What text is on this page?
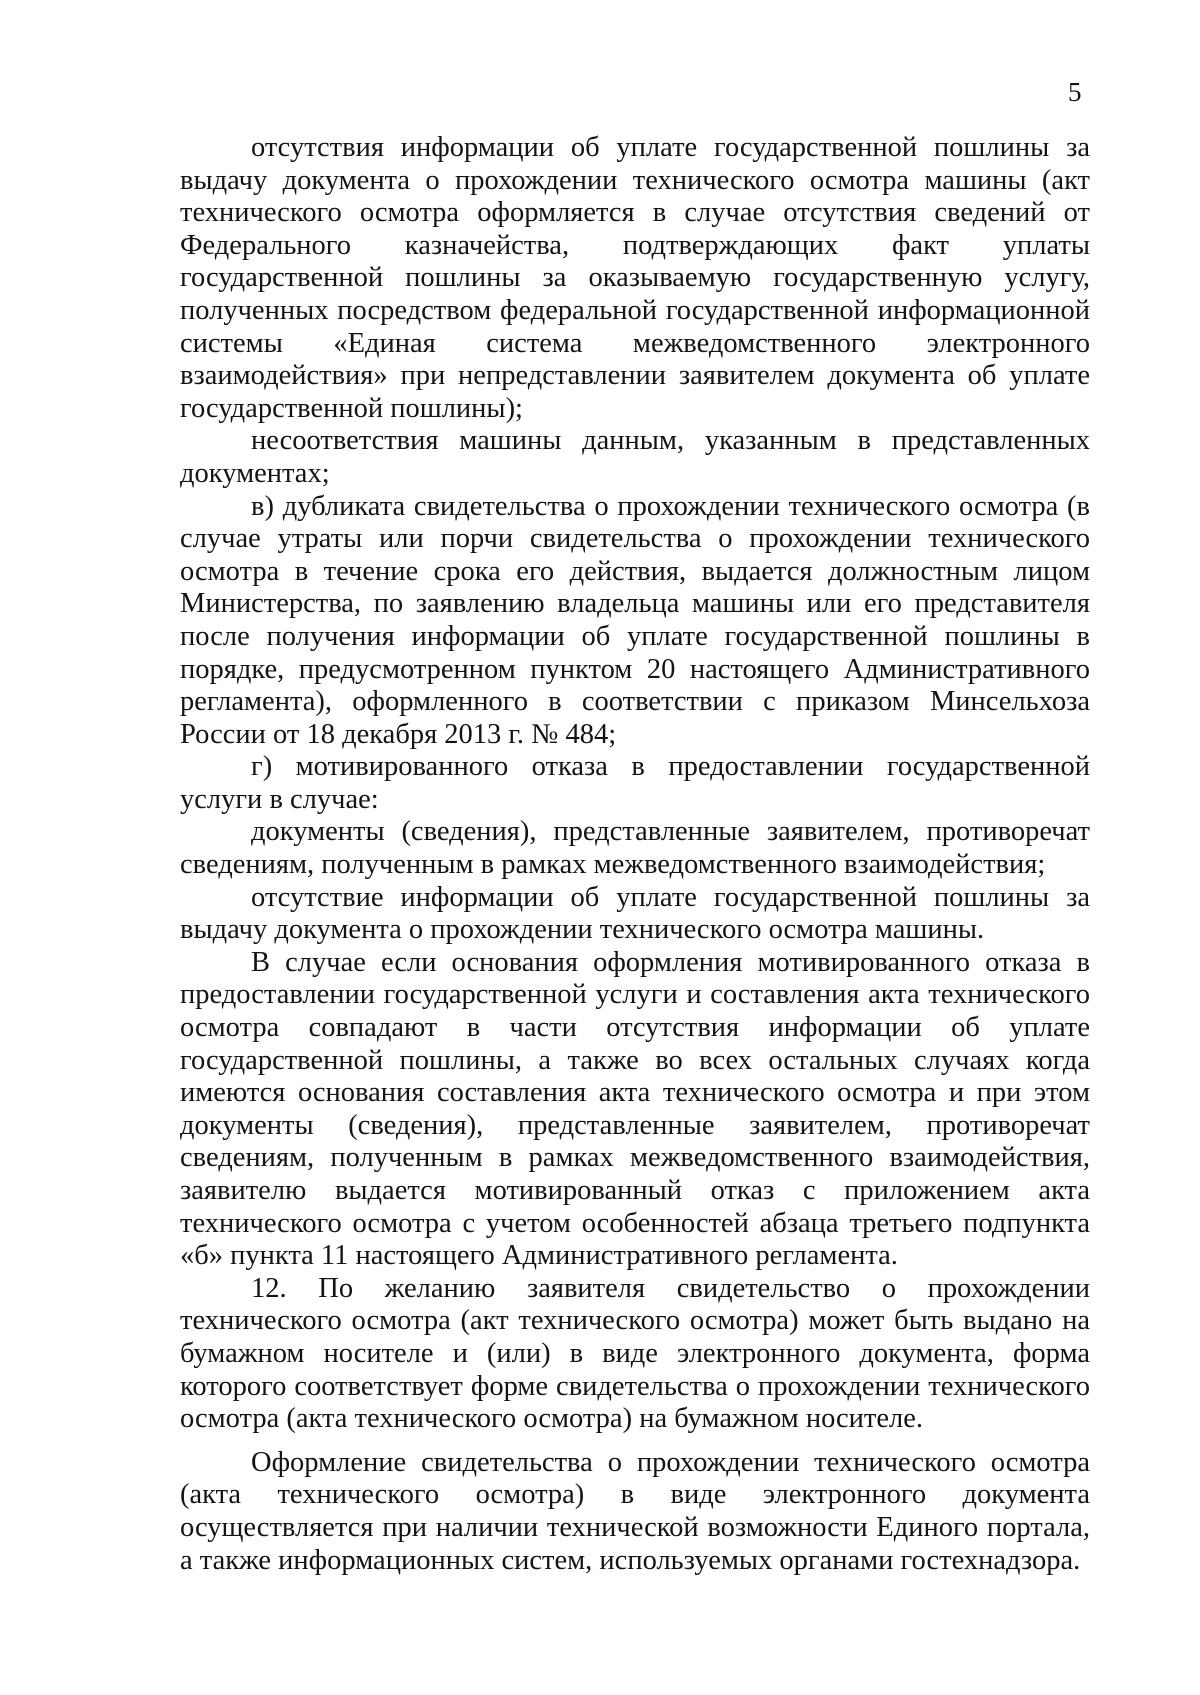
5

отсутствия информации об уплате государственной пошлины за выдачу документа о прохождении технического осмотра машины (акт технического осмотра оформляется в случае отсутствия сведений от Федерального казначейства, подтверждающих факт уплаты государственной пошлины за оказываемую государственную услугу, полученных посредством федеральной государственной информационной системы «Единая система межведомственного электронного взаимодействия» при непредставлении заявителем документа об уплате государственной пошлины);

несоответствия машины данным, указанным в представленных документах;

в) дубликата свидетельства о прохождении технического осмотра (в случае утраты или порчи свидетельства о прохождении технического осмотра в течение срока его действия, выдается должностным лицом Министерства, по заявлению владельца машины или его представителя после получения информации об уплате государственной пошлины в порядке, предусмотренном пунктом 20 настоящего Административного регламента), оформленного в соответствии с приказом Минсельхоза России от 18 декабря 2013 г. № 484;

г) мотивированного отказа в предоставлении государственной услуги в случае:

документы (сведения), представленные заявителем, противоречат сведениям, полученным в рамках межведомственного взаимодействия;

отсутствие информации об уплате государственной пошлины за выдачу документа о прохождении технического осмотра машины.

В случае если основания оформления мотивированного отказа в предоставлении государственной услуги и составления акта технического осмотра совпадают в части отсутствия информации об уплате государственной пошлины, а также во всех остальных случаях когда имеются основания составления акта технического осмотра и при этом документы (сведения), представленные заявителем, противоречат сведениям, полученным в рамках межведомственного взаимодействия, заявителю выдается мотивированный отказ с приложением акта технического осмотра с учетом особенностей абзаца третьего подпункта «б» пункта 11 настоящего Административного регламента.

12. По желанию заявителя свидетельство о прохождении технического осмотра (акт технического осмотра) может быть выдано на бумажном носителе и (или) в виде электронного документа, форма которого соответствует форме свидетельства о прохождении технического осмотра (акта технического осмотра) на бумажном носителе.

Оформление свидетельства о прохождении технического осмотра (акта технического осмотра) в виде электронного документа осуществляется при наличии технической возможности Единого портала, а также информационных систем, используемых органами гостехнадзора.
